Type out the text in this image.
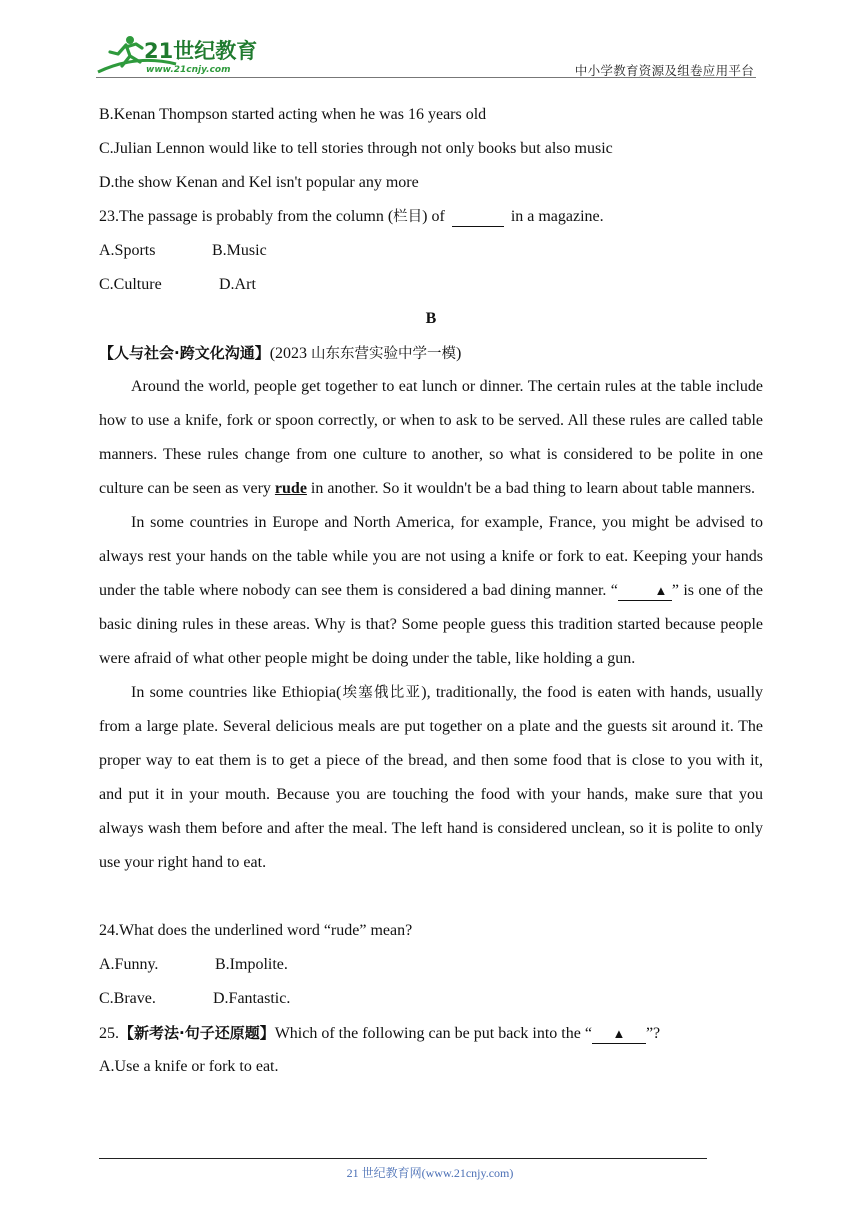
21世纪教育
www.21cnjy.com	中小学教育资源及组卷应用平台
B.Kenan Thompson started acting when he was 16 years old
C.Julian Lennon would like to tell stories through not only books but also music
D.the show Kenan and Kel isn't popular any more
23.The passage is probably from the column (栏目) of	in a magazine.
A.Sports	B.Music
C.Culture	D.Art
B
【人与社会·跨文化沟通】(2023 山东东营实验中学一模)
Around the world, people get together to eat lunch or dinner. The certain rules at the table include how to use a knife, fork or spoon correctly, or when to ask to be served. All these rules are called table manners. These rules change from one culture to another, so what is considered to be polite in one culture can be seen as very rude in another. So it wouldn't be a bad thing to learn about table manners.
In some countries in Europe and North America, for example, France, you might be advised to always rest your hands on the table while you are not using a knife or fork to eat. Keeping your hands under the table where nobody can see them is considered a bad dining manner. “	▲ ” is one of the basic dining rules in these areas. Why is that? Some people guess this tradition started because people were afraid of what other people might be doing under the table, like holding a gun.
In some countries like Ethiopia(埃塞俄比亚), traditionally, the food is eaten with hands, usually from a large plate. Several delicious meals are put together on a plate and the guests sit around it. The proper way to eat them is to get a piece of the bread, and then some food that is close to you with it, and put it in your mouth. Because you are touching the food with your hands, make sure that you always wash them before and after the meal. The left hand is considered unclean, so it is polite to only use your right hand to eat.
24.What does the underlined word “rude” mean?
A.Funny.	B.Impolite.
C.Brave.	D.Fantastic.
25.【新考法·句子还原题】Which of the following can be put back into the “ ▲ ”?
A.Use a knife or fork to eat.
21 世纪教育网(www.21cnjy.com)
